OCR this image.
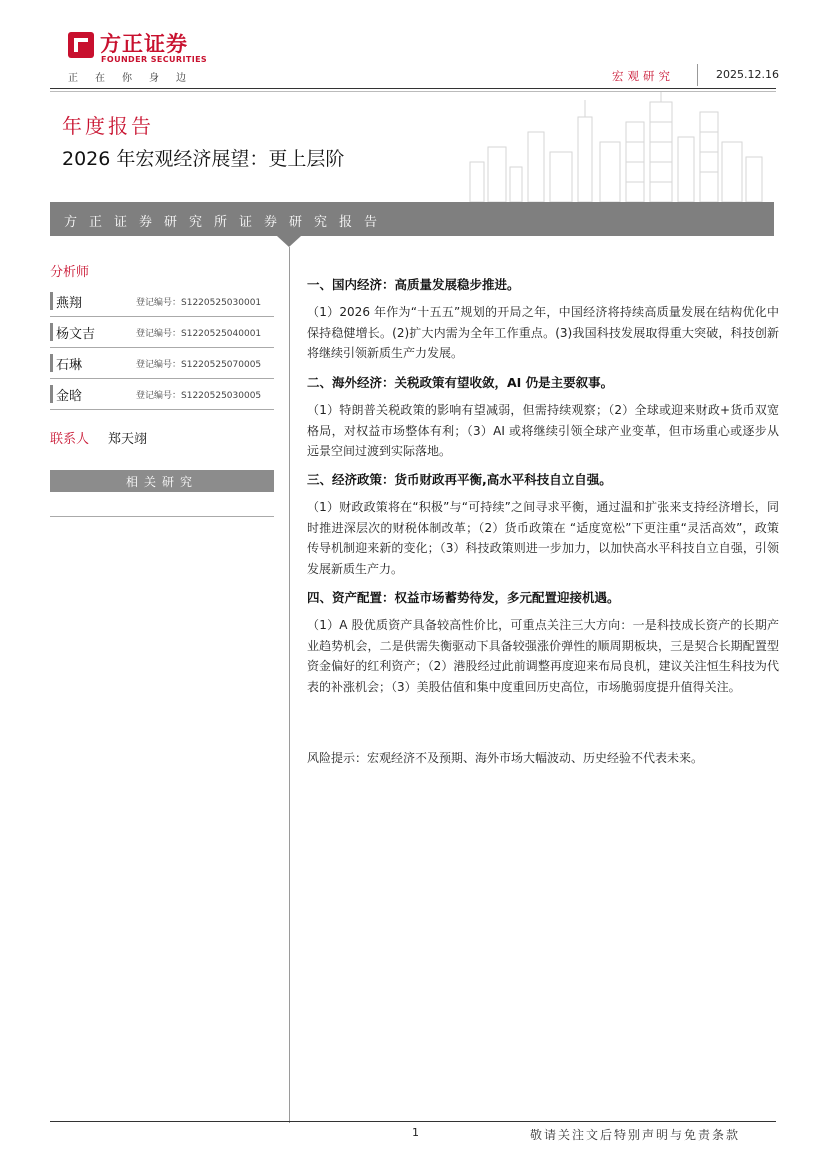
方正证券
FOUNDER SECURITIES
正在你身边	宏观研究	2025.12.16
年度报告
2026 年宏观经济展望：更上层阶
方正证券研究所证券研究报告
分析师
燕翔	登记编号：S1220525030001
杨文吉	登记编号：S1220525040001
石琳	登记编号：S1220525070005
金晗	登记编号：S1220525030005
联系人 郑天翊
相关研究
一、国内经济：高质量发展稳步推进。
（1）2026 年作为“十五五”规划的开局之年，中国经济将持续高质量发展在结构优化中保持稳健增长。(2)扩大内需为全年工作重点。(3)我国科技发展取得重大突破，科技创新将继续引领新质生产力发展。
二、海外经济：关税政策有望收敛，AI 仍是主要叙事。
（1）特朗普关税政策的影响有望减弱，但需持续观察；（2）全球或迎来财政+货币双宽格局，对权益市场整体有利；（3）AI 或将继续引领全球产业变革，但市场重心或逐步从远景空间过渡到实际落地。
三、经济政策：货币财政再平衡,高水平科技自立自强。
（1）财政政策将在“积极”与“可持续”之间寻求平衡，通过温和扩张来支持经济增长，同时推进深层次的财税体制改革；（2）货币政策在 “适度宽松”下更注重“灵活高效”，政策传导机制迎来新的变化；（3）科技政策则进一步加力，以加快高水平科技自立自强，引领发展新质生产力。
四、资产配置：权益市场蓄势待发，多元配置迎接机遇。
（1）A 股优质资产具备较高性价比，可重点关注三大方向：一是科技成长资产的长期产业趋势机会，二是供需失衡驱动下具备较强涨价弹性的顺周期板块，三是契合长期配置型资金偏好的红利资产；（2）港股经过此前调整再度迎来布局良机，建议关注恒生科技为代表的补涨机会；（3）美股估值和集中度重回历史高位，市场脆弱度提升值得关注。
风险提示：宏观经济不及预期、海外市场大幅波动、历史经验不代表未来。
1	敬请关注文后特别声明与免责条款
